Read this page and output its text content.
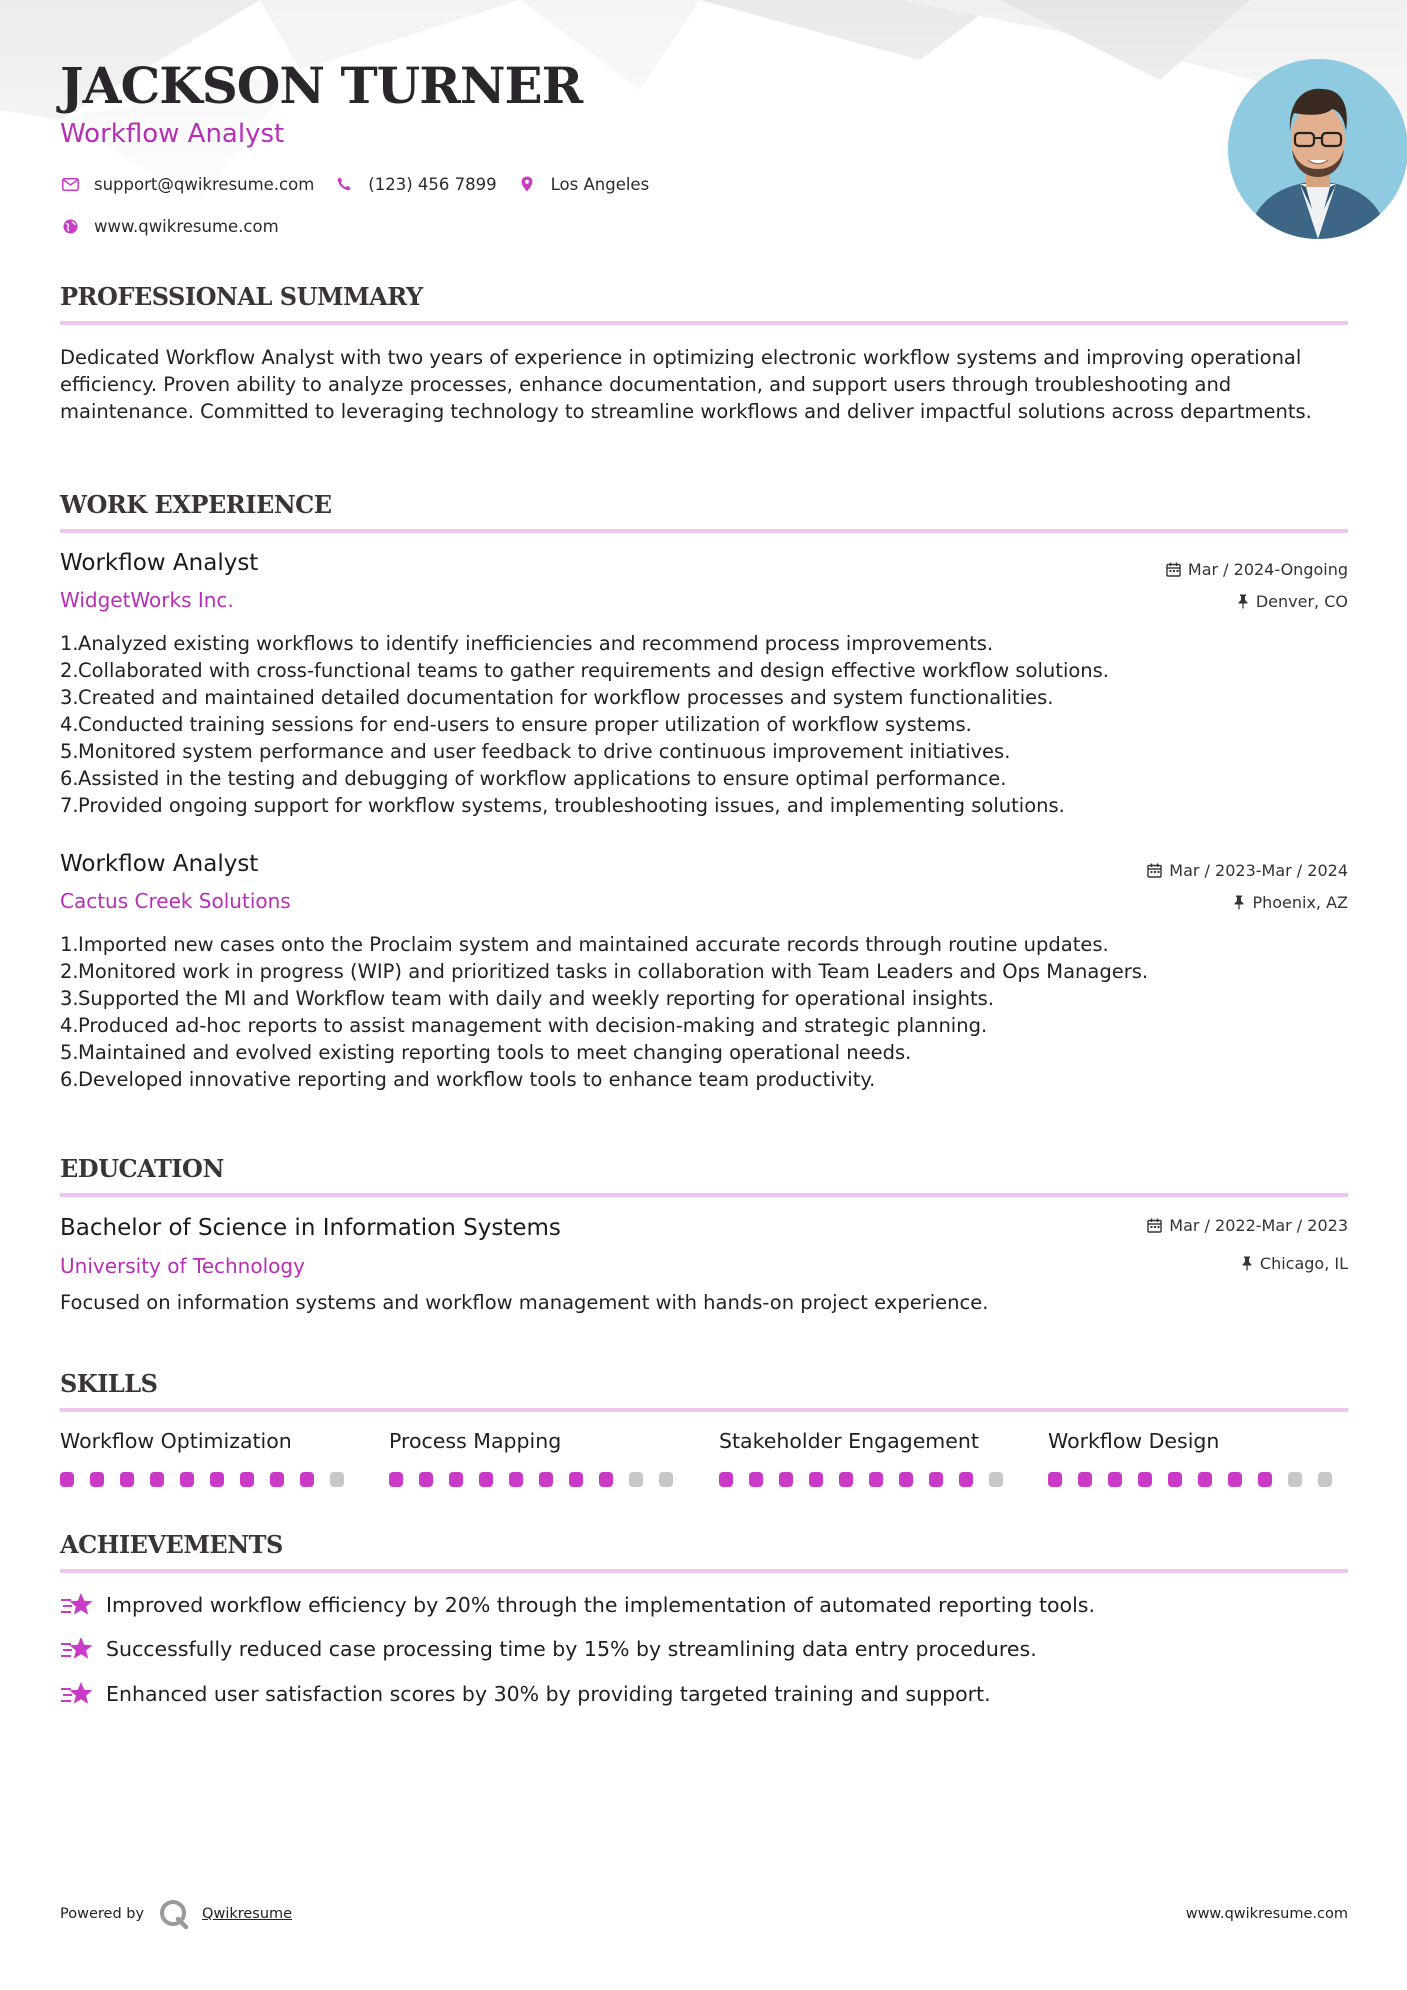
JACKSON TURNER
Workflow Analyst
support@qwikresume.com	(123) 456 7899	Los Angeles
www.qwikresume.com
PROFESSIONAL SUMMARY

Dedicated Workflow Analyst with two years of experience in optimizing electronic workflow systems and improving operational efficiency. Proven ability to analyze processes, enhance documentation, and support users through troubleshooting and maintenance. Committed to leveraging technology to streamline workflows and deliver impactful solutions across departments.

WORK EXPERIENCE
Workflow Analyst	Mar / 2024-Ongoing
WidgetWorks Inc.	Denver, CO
1. Analyzed existing workflows to identify inefficiencies and recommend process improvements.
2. Collaborated with cross-functional teams to gather requirements and design effective workflow solutions.
3. Created and maintained detailed documentation for workflow processes and system functionalities.
4. Conducted training sessions for end-users to ensure proper utilization of workflow systems.
5. Monitored system performance and user feedback to drive continuous improvement initiatives.
6. Assisted in the testing and debugging of workflow applications to ensure optimal performance.
7. Provided ongoing support for workflow systems, troubleshooting issues, and implementing solutions.
Workflow Analyst	Mar / 2023-Mar / 2024
Cactus Creek Solutions	Phoenix, AZ
1. Imported new cases onto the Proclaim system and maintained accurate records through routine updates.
2. Monitored work in progress (WIP) and prioritized tasks in collaboration with Team Leaders and Ops Managers.
3. Supported the MI and Workflow team with daily and weekly reporting for operational insights.
4. Produced ad-hoc reports to assist management with decision-making and strategic planning.
5. Maintained and evolved existing reporting tools to meet changing operational needs.
6. Developed innovative reporting and workflow tools to enhance team productivity.
EDUCATION
Bachelor of Science in Information Systems	Mar / 2022-Mar / 2023
University of Technology	Chicago, IL

Focused on information systems and workflow management with hands-on project experience.

SKILLS
Workflow Optimization	Process Mapping	Stakeholder Engagement	Workflow Design
ACHIEVEMENTS
Improved workflow efficiency by 20% through the implementation of automated reporting tools.
Successfully reduced case processing time by 15% by streamlining data entry procedures.
Enhanced user satisfaction scores by 30% by providing targeted training and support.
Powered by	Qwikresume	www.qwikresume.com
